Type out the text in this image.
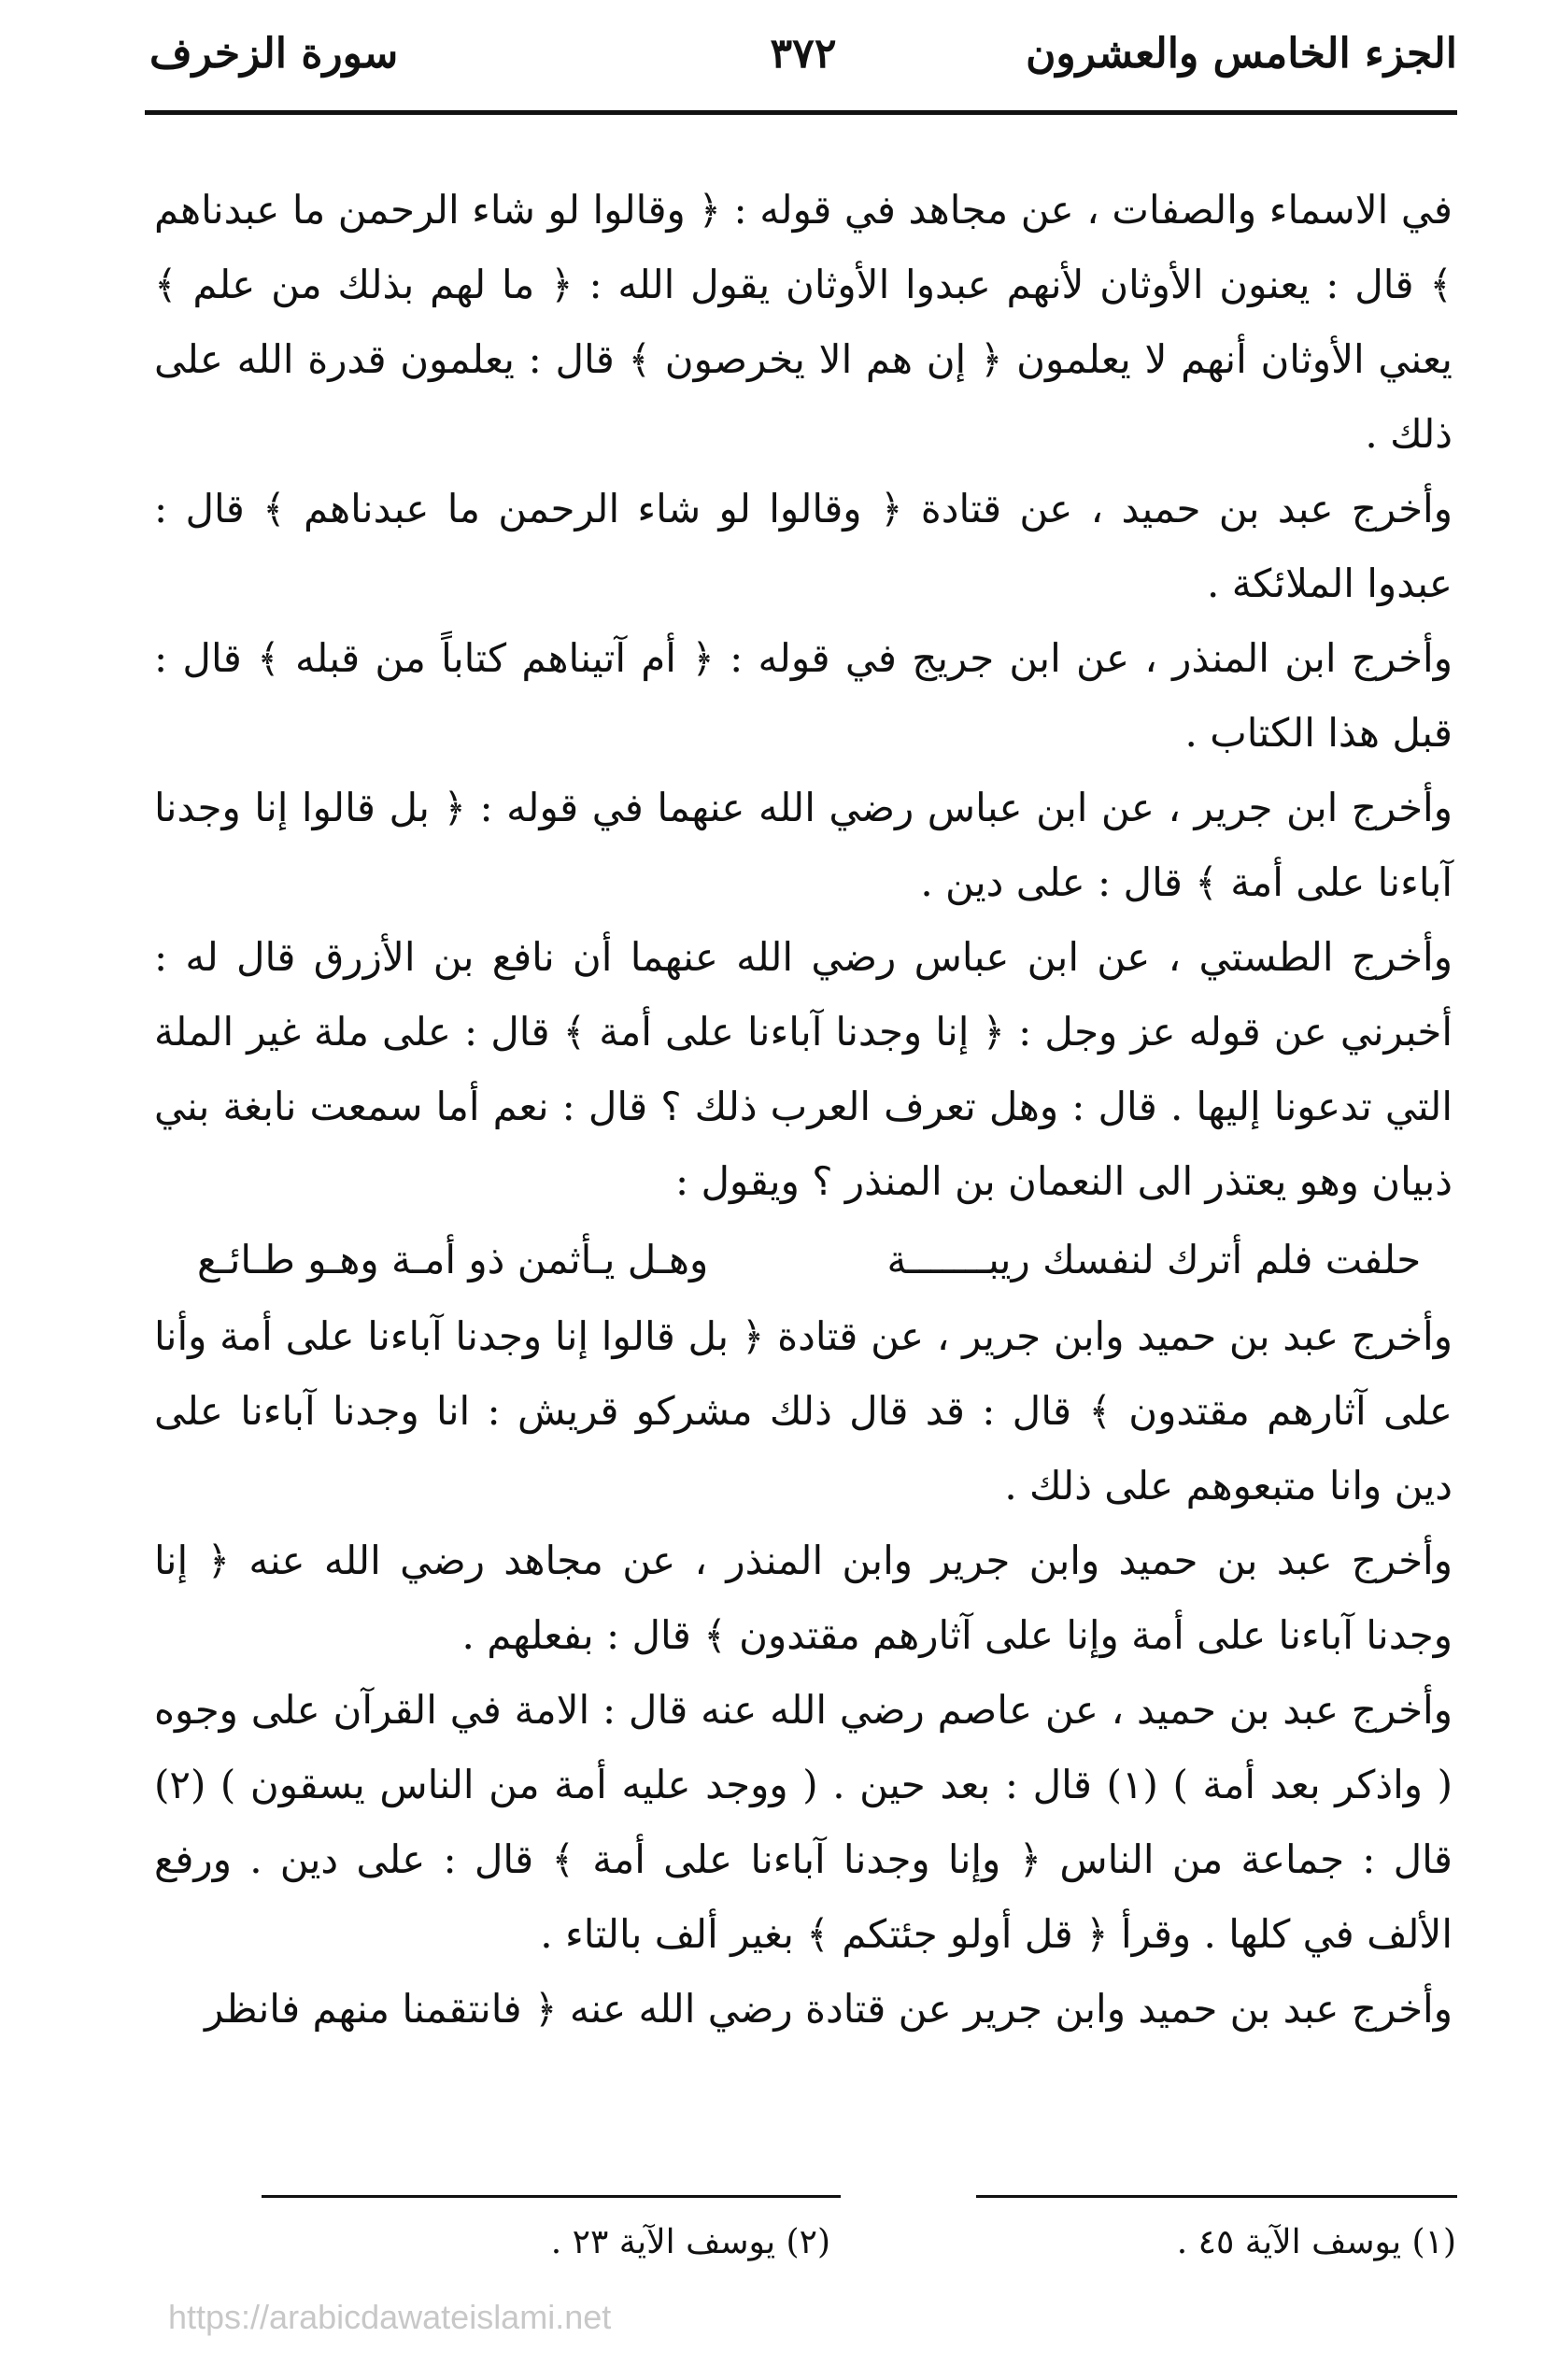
الجزء الخامس والعشرون
٣٧٢
سورة الزخرف

في الاسماء والصفات ، عن مجاهد في قوله : ﴿ وقالوا لو شاء الرحمن ما عبدناهم ﴾ قال : يعنون الأوثان لأنهم عبدوا الأوثان يقول الله : ﴿ ما لهم بذلك من علم ﴾ يعني الأوثان أنهم لا يعلمون ﴿ إن هم الا يخرصون ﴾ قال : يعلمون قدرة الله على ذلك .

وأخرج عبد بن حميد ، عن قتادة ﴿ وقالوا لو شاء الرحمن ما عبدناهم ﴾ قال : عبدوا الملائكة .

وأخرج ابن المنذر ، عن ابن جريج في قوله : ﴿ أم آتيناهم كتاباً من قبله ﴾ قال : قبل هذا الكتاب .

وأخرج ابن جرير ، عن ابن عباس رضي الله عنهما في قوله : ﴿ بل قالوا إنا وجدنا آباءنا على أمة ﴾ قال : على دين .

وأخرج الطستي ، عن ابن عباس رضي الله عنهما أن نافع بن الأزرق قال له : أخبرني عن قوله عز وجل : ﴿ إنا وجدنا آباءنا على أمة ﴾ قال : على ملة غير الملة التي تدعونا إليها . قال : وهل تعرف العرب ذلك ؟ قال : نعم أما سمعت نابغة بني ذبيان وهو يعتذر الى النعمان بن المنذر ؟ ويقول :

حلفت فلم أترك لنفسك ريبـــــــة
وهـل يـأثمن ذو أمـة وهـو طـائـع

وأخرج عبد بن حميد وابن جرير ، عن قتادة ﴿ بل قالوا إنا وجدنا آباءنا على أمة وأنا على آثارهم مقتدون ﴾ قال : قد قال ذلك مشركو قريش : انا وجدنا آباءنا على دين وانا متبعوهم على ذلك .

وأخرج عبد بن حميد وابن جرير وابن المنذر ، عن مجاهد رضي الله عنه ﴿ إنا وجدنا آباءنا على أمة وإنا على آثارهم مقتدون ﴾ قال : بفعلهم .

وأخرج عبد بن حميد ، عن عاصم رضي الله عنه قال : الامة في القرآن على وجوه ( واذكر بعد أمة ) (١) قال : بعد حين . ( ووجد عليه أمة من الناس يسقون ) (٢) قال : جماعة من الناس ﴿ وإنا وجدنا آباءنا على أمة ﴾ قال : على دين . ورفع الألف في كلها . وقرأ ﴿ قل أولو جئتكم ﴾ بغير ألف بالتاء .

وأخرج عبد بن حميد وابن جرير عن قتادة رضي الله عنه ﴿ فانتقمنا منهم فانظر

(١) يوسف الآية ٤٥ .
(٢) يوسف الآية ٢٣ .
https://arabicdawateislami.net
